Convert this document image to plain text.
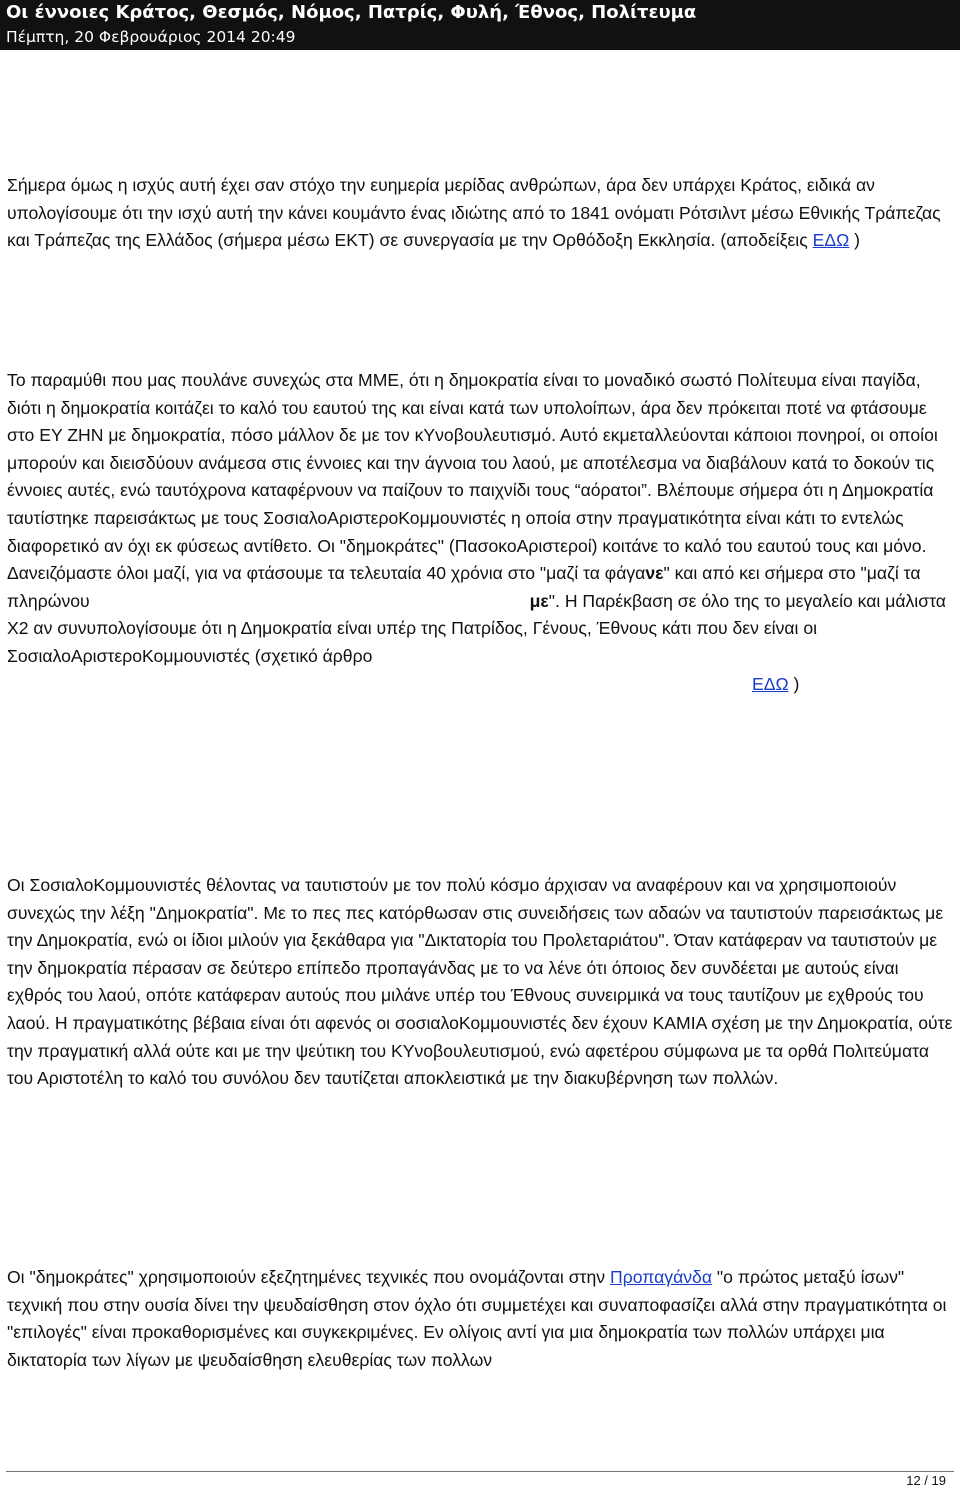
Οι έννοιες Κράτος, Θεσμός, Νόμος, Πατρίς, Φυλή, Έθνος, Πολίτευμα
Πέμπτη, 20 Φεβρουάριος 2014 20:49

Σήμερα όμως η ισχύς αυτή έχει σαν στόχο την ευημερία μερίδας ανθρώπων, άρα δεν υπάρχει Κράτος, ειδικά αν υπολογίσουμε ότι την ισχύ αυτή την κάνει κουμάντο ένας ιδιώτης από το 1841 ονόματι Ρότσιλντ μέσω Εθνικής Τράπεζας και Τράπεζας της Ελλάδος (σήμερα μέσω ΕΚΤ) σε συνεργασία με την Ορθόδοξη Εκκλησία. (αποδείξεις ΕΔΩ )

Το παραμύθι που μας πουλάνε συνεχώς στα ΜΜΕ, ότι η δημοκρατία είναι το μοναδικό σωστό Πολίτευμα είναι παγίδα, διότι η δημοκρατία κοιτάζει το καλό του εαυτού της και είναι κατά των υπολοίπων, άρα δεν πρόκειται ποτέ να φτάσουμε στο ΕΥ ΖΗΝ με δημοκρατία, πόσο μάλλον δε με τον κΥνοβουλευτισμό. Αυτό εκμεταλλεύονται κάποιοι πονηροί, οι οποίοι μπορούν και διεισδύουν ανάμεσα στις έννοιες και την άγνοια του λαού, με αποτέλεσμα να διαβάλουν κατά το δοκούν τις έννοιες αυτές, ενώ ταυτόχρονα καταφέρνουν να παίζουν το παιχνίδι τους “αόρατοι”. Βλέπουμε σήμερα ότι η Δημοκρατία ταυτίστηκε παρεισάκτως με τους ΣοσιαλοΑριστεροΚομμουνιστές η οποία στην πραγματικότητα είναι κάτι το εντελώς διαφορετικό αν όχι εκ φύσεως αντίθετο. Οι "δημοκράτες" (ΠασοκοΑριστεροί) κοιτάνε το καλό του εαυτού τους και μόνο. Δανειζόμαστε όλοι μαζί, για να φτάσουμε τα τελευταία 40 χρόνια στο "μαζί τα φάγανε" και από κει σήμερα στο "μαζί τα πληρώνου	με". Η Παρέκβαση σε όλο της το μεγαλείο και μάλιστα Χ2 αν συνυπολογίσουμε ότι η Δημοκρατία είναι υπέρ της Πατρίδος, Γένους, Έθνους κάτι που δεν είναι οι ΣοσιαλοΑριστεροΚομμουνιστές (σχετικό άρθροΕΔΩ )

Οι ΣοσιαλοΚομμουνιστές θέλοντας να ταυτιστούν με τον πολύ κόσμο άρχισαν να αναφέρουν και να χρησιμοποιούν συνεχώς την λέξη "Δημοκρατία". Με το πες πες κατόρθωσαν στις συνειδήσεις των αδαών να ταυτιστούν παρεισάκτως με την Δημοκρατία, ενώ οι ίδιοι μιλούν για ξεκάθαρα για "Δικτατορία του Προλεταριάτου". Όταν κατάφεραν να ταυτιστούν με την δημοκρατία πέρασαν σε δεύτερο επίπεδο προπαγάνδας με το να λένε ότι όποιος δεν συνδέεται με αυτούς είναι εχθρός του λαού, οπότε κατάφεραν αυτούς που μιλάνε υπέρ του Έθνους συνειρμικά να τους ταυτίζουν με εχθρούς του λαού. Η πραγματικότης βέβαια είναι ότι αφενός οι σοσιαλοΚομμουνιστές δεν έχουν ΚΑΜΙΑ σχέση με την Δημοκρατία, ούτε την πραγματική αλλά ούτε και με την ψεύτικη του ΚΥνοβουλευτισμού, ενώ αφετέρου σύμφωνα με τα ορθά Πολιτεύματα του Αριστοτέλη το καλό του συνόλου δεν ταυτίζεται αποκλειστικά με την διακυβέρνηση των πολλών.

Οι "δημοκράτες" χρησιμοποιούν εξεζητημένες τεχνικές που ονομάζονται στην Προπαγάνδα "ο πρώτος μεταξύ ίσων" τεχνική που στην ουσία δίνει την ψευδαίσθηση στον όχλο ότι συμμετέχει και συναποφασίζει αλλά στην πραγματικότητα οι "επιλογές" είναι προκαθορισμένες και συγκεκριμένες. Εν ολίγοις αντί για μια δημοκρατία των πολλών υπάρχει μια δικτατορία των λίγων με ψευδαίσθηση ελευθερίας των πολλων

12 / 19
